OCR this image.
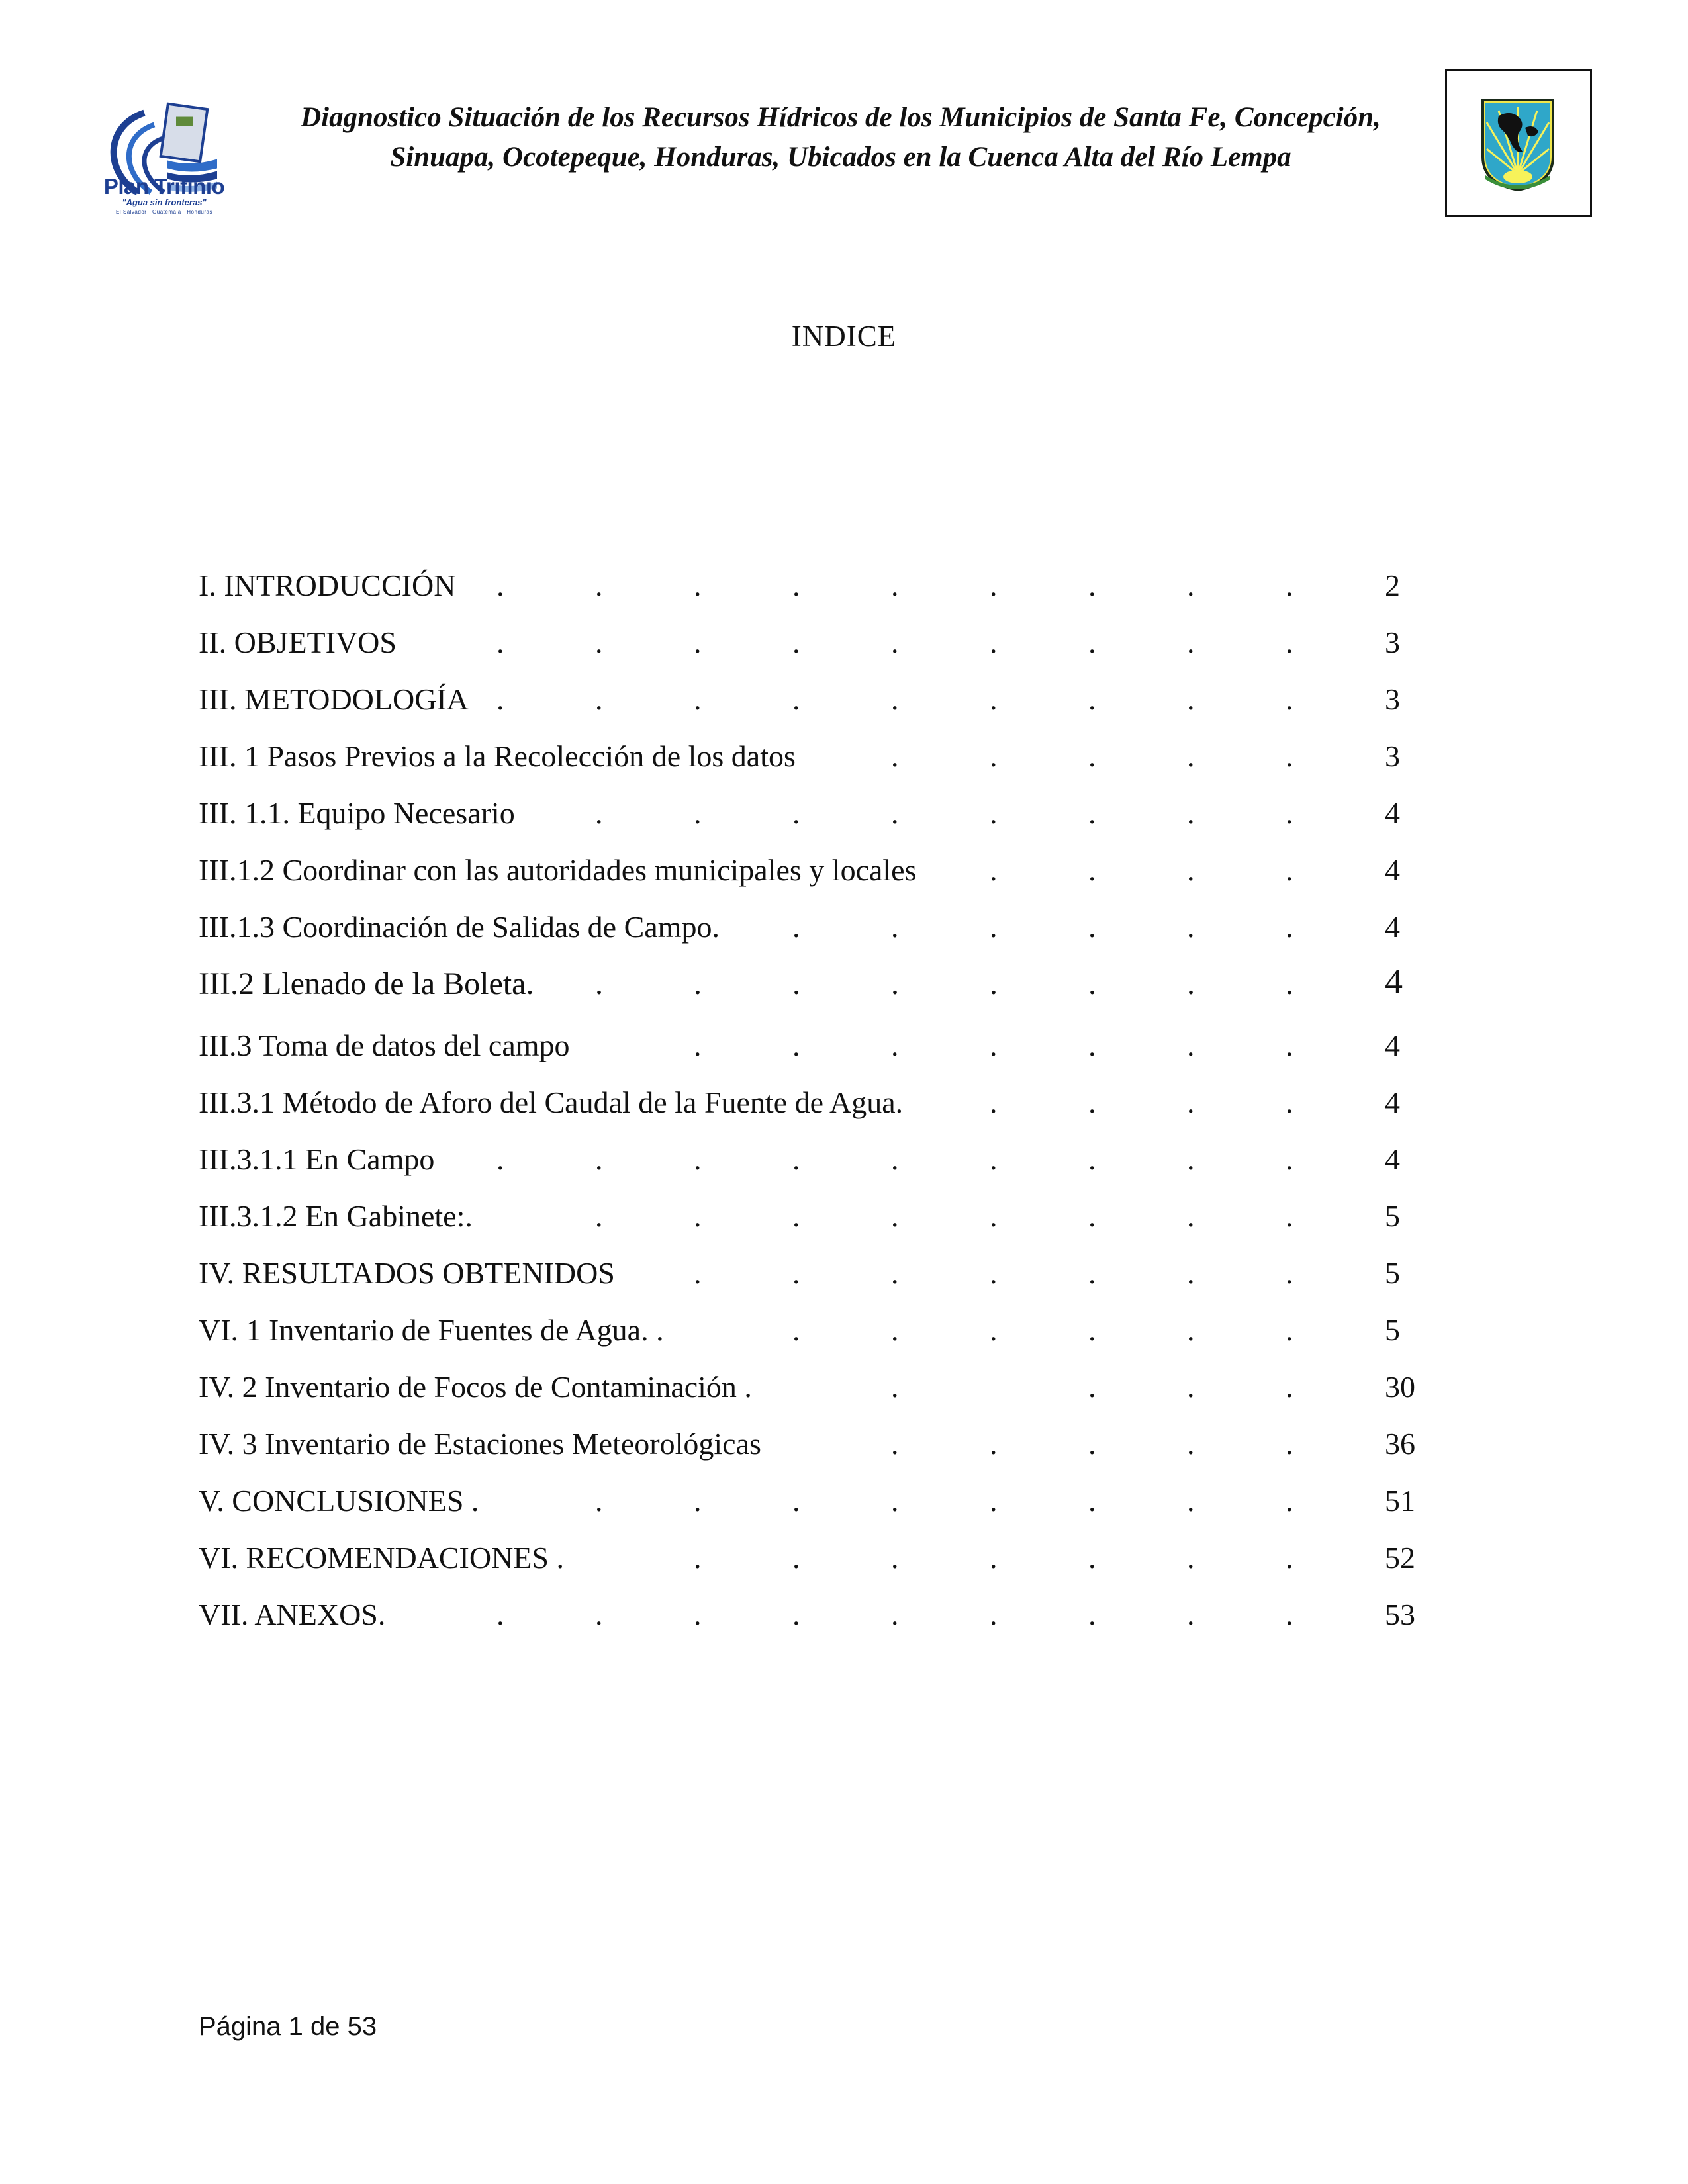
Plan Trifinio
"Agua sin fronteras"
El Salvador · Guatemala · Honduras
Diagnostico Situación de los Recursos Hídricos de los Municipios de Santa Fe, Concepción,
Sinuapa, Ocotepeque, Honduras, Ubicados en la Cuenca Alta del Río Lempa
INDICE
I. INTRODUCCIÓN .	.	.	.	.	.	.	.	.	2
II. OBJETIVOS	.	.	.	.	.	.	.	.	.	3
III. METODOLOGÍA .	.	.	.	.	.	.	.	.	3
III. 1 Pasos Previos a la Recolección de los datos	.	.	.	.	.	3
III. 1.1. Equipo Necesario	.	.	.	.	.	.	.	.	4
III.1.2 Coordinar con las autoridades municipales y locales .	.	.	.	4
III.1.3 Coordinación de Salidas de Campo. .	.	.	.	.	.	4
III.2 Llenado de la Boleta. .	.	.	.	.	.	.	.	4
III.3 Toma de datos del campo	.	.	.	.	.	.	.	4
III.3.1 Método de Aforo del Caudal de la Fuente de Agua.	.	.	.	.	4
III.3.1.1 En Campo .	.	.	.	.	.	.	.	.	4
III.3.1.2 En Gabinete:.	.	.	.	.	.	.	.	.	5
IV. RESULTADOS OBTENIDOS	.	.	.	.	.	.	.	5
VI. 1 Inventario de Fuentes de Agua. .	.	.	.	.	.	.	5
IV. 2 Inventario de Focos de Contaminación .	.	.	.	.	30
IV. 3 Inventario de Estaciones Meteorológicas	.	.	.	.	.	36
V. CONCLUSIONES .	.	.	.	.	.	.	.	.	51
VI. RECOMENDACIONES .	.	.	.	.	.	.	.	52
VII. ANEXOS.	.	.	.	.	.	.	.	.	.	53
Página 1 de 53
